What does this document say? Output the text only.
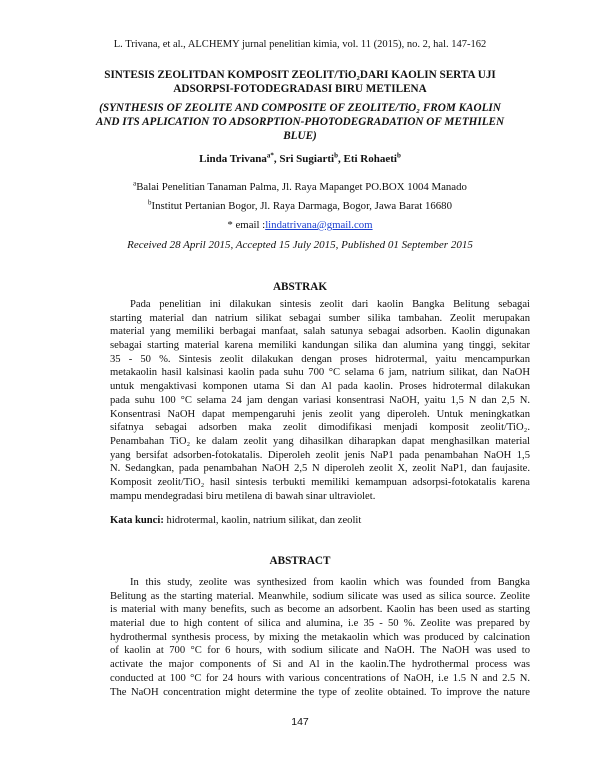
L. Trivana, et al., ALCHEMY jurnal penelitian kimia, vol. 11 (2015), no. 2, hal. 147-162
SINTESIS ZEOLITDAN KOMPOSIT ZEOLIT/TiO₂DARI KAOLIN SERTA UJI
ADSORPSI-FOTODEGRADASI BIRU METILENA
(SYNTHESIS OF ZEOLITE AND COMPOSITE OF ZEOLITE/TiO₂ FROM KAOLIN
AND ITS APLICATION TO ADSORPTION-PHOTODEGRADATION OF METHILEN
BLUE)
Linda Trivana$^{a*}$, Sri Sugiarti$^b$, Eti Rohaeti$^b$
$^a$Balai Penelitian Tanaman Palma, Jl. Raya Mapanget PO.BOX 1004 Manado
$^b$Institut Pertanian Bogor, Jl. Raya Darmaga, Bogor, Jawa Barat 16680
* email :lindatrivana@gmail.com
Received 28 April 2015, Accepted 15 July 2015, Published 01 September 2015
ABSTRAK
Pada penelitian ini dilakukan sintesis zeolit dari kaolin Bangka Belitung sebagai
starting material dan natrium silikat sebagai sumber silika tambahan. Zeolit merupakan
material yang memiliki berbagai manfaat, salah satunya sebagai adsorben. Kaolin digunakan
sebagai starting material karena memiliki kandungan silika dan alumina yang tinggi, sekitar
35 - 50 %. Sintesis zeolit dilakukan dengan proses hidrotermal, yaitu mencampurkan
metakaolin hasil kalsinasi kaolin pada suhu 700 °C selama 6 jam, natrium silikat, dan NaOH
untuk mengaktivasi komponen utama Si dan Al pada kaolin. Proses hidrotermal dilakukan
pada suhu 100 °C selama 24 jam dengan variasi konsentrasi NaOH, yaitu 1,5 N dan 2,5 N.
Konsentrasi NaOH dapat mempengaruhi jenis zeolit yang diperoleh. Untuk meningkatkan
sifatnya sebagai adsorben maka zeolit dimodifikasi menjadi komposit zeolit/TiO₂.
Penambahan TiO₂ ke dalam zeolit yang dihasilkan diharapkan dapat menghasilkan material
yang bersifat adsorben-fotokatalis. Diperoleh zeolit jenis NaP1 pada penambahan NaOH 1,5
N. Sedangkan, pada penambahan NaOH 2,5 N diperoleh zeolit X, zeolit NaP1, dan faujasite.
Komposit zeolit/TiO₂ hasil sintesis terbukti memiliki kemampuan adsorpsi-fotokatalis karena
mampu mendegradasi biru metilena di bawah sinar ultraviolet.
Kata kunci: hidrotermal, kaolin, natrium silikat, dan zeolit
ABSTRACT
In this study, zeolite was synthesized from kaolin which was founded from Bangka
Belitung as the starting material. Meanwhile, sodium silicate was used as silica source. Zeolite
is material with many benefits, such as become an adsorbent. Kaolin has been used as starting
material due to high content of silica and alumina, i.e 35 - 50 %. Zeolite was prepared by
hydrothermal synthesis process, by mixing the metakaolin which was produced by calcination
of kaolin at 700 °C for 6 hours, with sodium silicate and NaOH. The NaOH was used to
activate the major components of Si and Al in the kaolin.The hydrothermal process was
conducted at 100 °C for 24 hours with various concentrations of NaOH, i.e 1.5 N and 2.5 N.
The NaOH concentration might determine the type of zeolite obtained. To improve the nature
147
